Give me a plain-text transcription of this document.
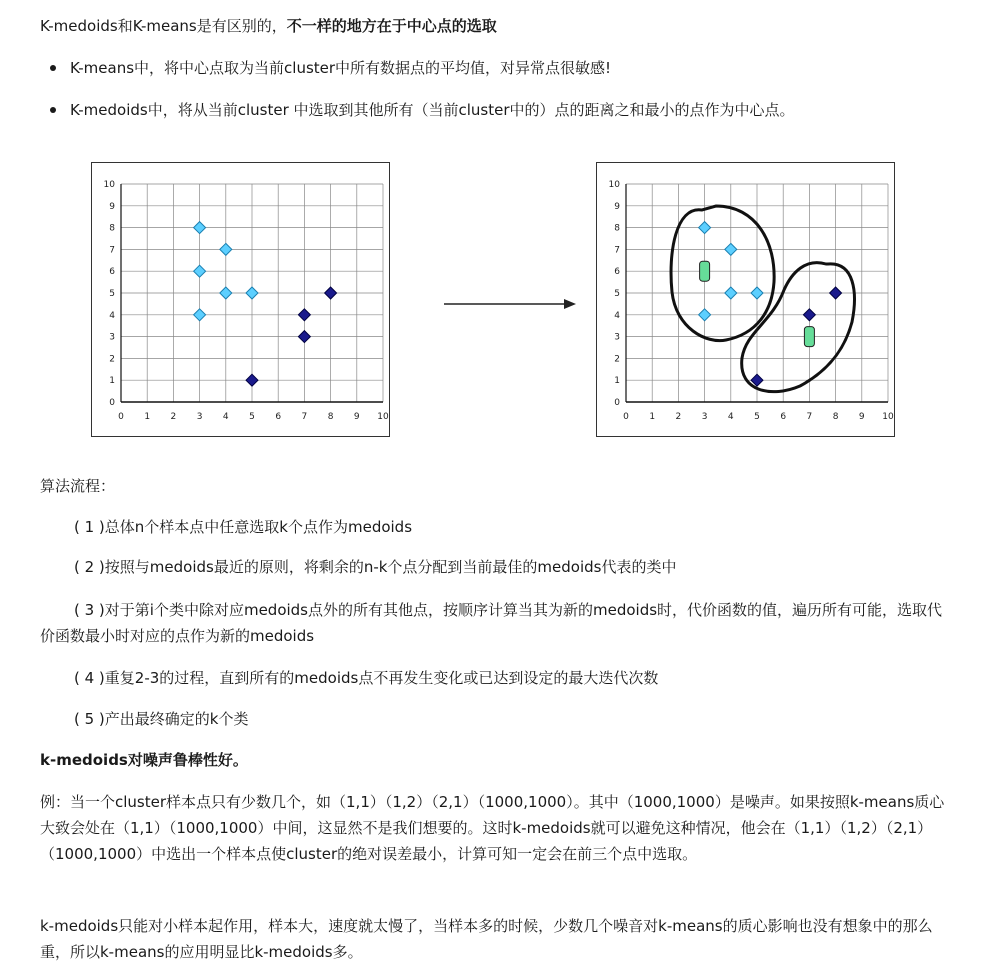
K-medoids和K-means是有区别的，不一样的地方在于中心点的选取
K-means中，将中心点取为当前cluster中所有数据点的平均值，对异常点很敏感!
K-medoids中，将从当前cluster 中选取到其他所有（当前cluster中的）点的距离之和最小的点作为中心点。
0 1 2 3 4 5 6 7 8 9 10
0
1
2
3
4
5
6
7
8
9
10
0 1 2 3 4 5 6 7 8 9 10
0
1
2
3
4
5
6
7
8
9
10
算法流程：
( 1 )总体n个样本点中任意选取k个点作为medoids
( 2 )按照与medoids最近的原则，将剩余的n-k个点分配到当前最佳的medoids代表的类中
( 3 )对于第i个类中除对应medoids点外的所有其他点，按顺序计算当其为新的medoids时，代价函数的值，遍历所有可能，选取代价函数最小时对应的点作为新的medoids
( 4 )重复2-3的过程，直到所有的medoids点不再发生变化或已达到设定的最大迭代次数
( 5 )产出最终确定的k个类
k-medoids对噪声鲁棒性好。
例：当一个cluster样本点只有少数几个，如（1,1）（1,2）（2,1）（1000,1000）。其中（1000,1000）是噪声。如果按照k-means质心大致会处在（1,1）（1000,1000）中间，这显然不是我们想要的。这时k-medoids就可以避免这种情况，他会在（1,1）（1,2）（2,1）（1000,1000）中选出一个样本点使cluster的绝对误差最小，计算可知一定会在前三个点中选取。
k-medoids只能对小样本起作用，样本大，速度就太慢了，当样本多的时候，少数几个噪音对k-means的质心影响也没有想象中的那么重，所以k-means的应用明显比k-medoids多。
